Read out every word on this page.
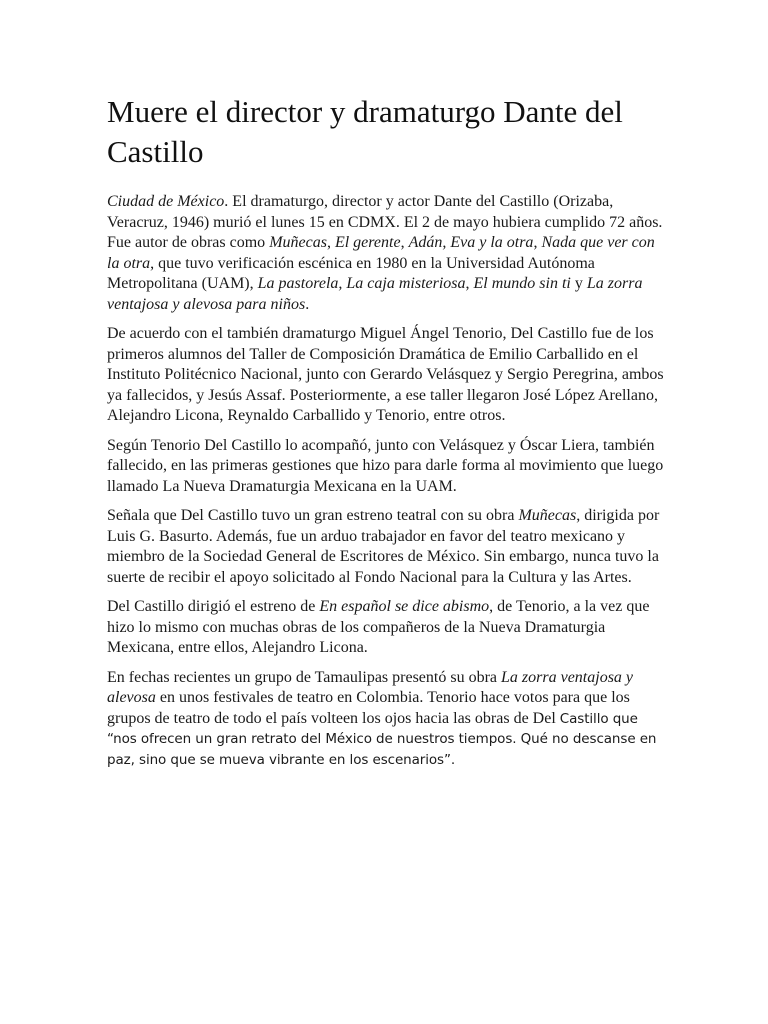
Muere el director y dramaturgo Dante del Castillo

Ciudad de México. El dramaturgo, director y actor Dante del Castillo (Orizaba, Veracruz, 1946) murió el lunes 15 en CDMX. El 2 de mayo hubiera cumplido 72 años. Fue autor de obras como Muñecas, El gerente, Adán, Eva y la otra, Nada que ver con la otra, que tuvo verificación escénica en 1980 en la Universidad Autónoma Metropolitana (UAM), La pastorela, La caja misteriosa, El mundo sin ti y La zorra ventajosa y alevosa para niños.

De acuerdo con el también dramaturgo Miguel Ángel Tenorio, Del Castillo fue de los primeros alumnos del Taller de Composición Dramática de Emilio Carballido en el Instituto Politécnico Nacional, junto con Gerardo Velásquez y Sergio Peregrina, ambos ya fallecidos, y Jesús Assaf. Posteriormente, a ese taller llegaron José López Arellano, Alejandro Licona, Reynaldo Carballido y Tenorio, entre otros.

Según Tenorio Del Castillo lo acompañó, junto con Velásquez y Óscar Liera, también fallecido, en las primeras gestiones que hizo para darle forma al movimiento que luego llamado La Nueva Dramaturgia Mexicana en la UAM.

Señala que Del Castillo tuvo un gran estreno teatral con su obra Muñecas, dirigida por Luis G. Basurto. Además, fue un arduo trabajador en favor del teatro mexicano y miembro de la Sociedad General de Escritores de México. Sin embargo, nunca tuvo la suerte de recibir el apoyo solicitado al Fondo Nacional para la Cultura y las Artes.

Del Castillo dirigió el estreno de En español se dice abismo, de Tenorio, a la vez que hizo lo mismo con muchas obras de los compañeros de la Nueva Dramaturgia Mexicana, entre ellos, Alejandro Licona.

En fechas recientes un grupo de Tamaulipas presentó su obra La zorra ventajosa y alevosa en unos festivales de teatro en Colombia. Tenorio hace votos para que los grupos de teatro de todo el país volteen los ojos hacia las obras de Del Castillo que “nos ofrecen un gran retrato del México de nuestros tiempos. Qué no descanse en paz, sino que se mueva vibrante en los escenarios”.
